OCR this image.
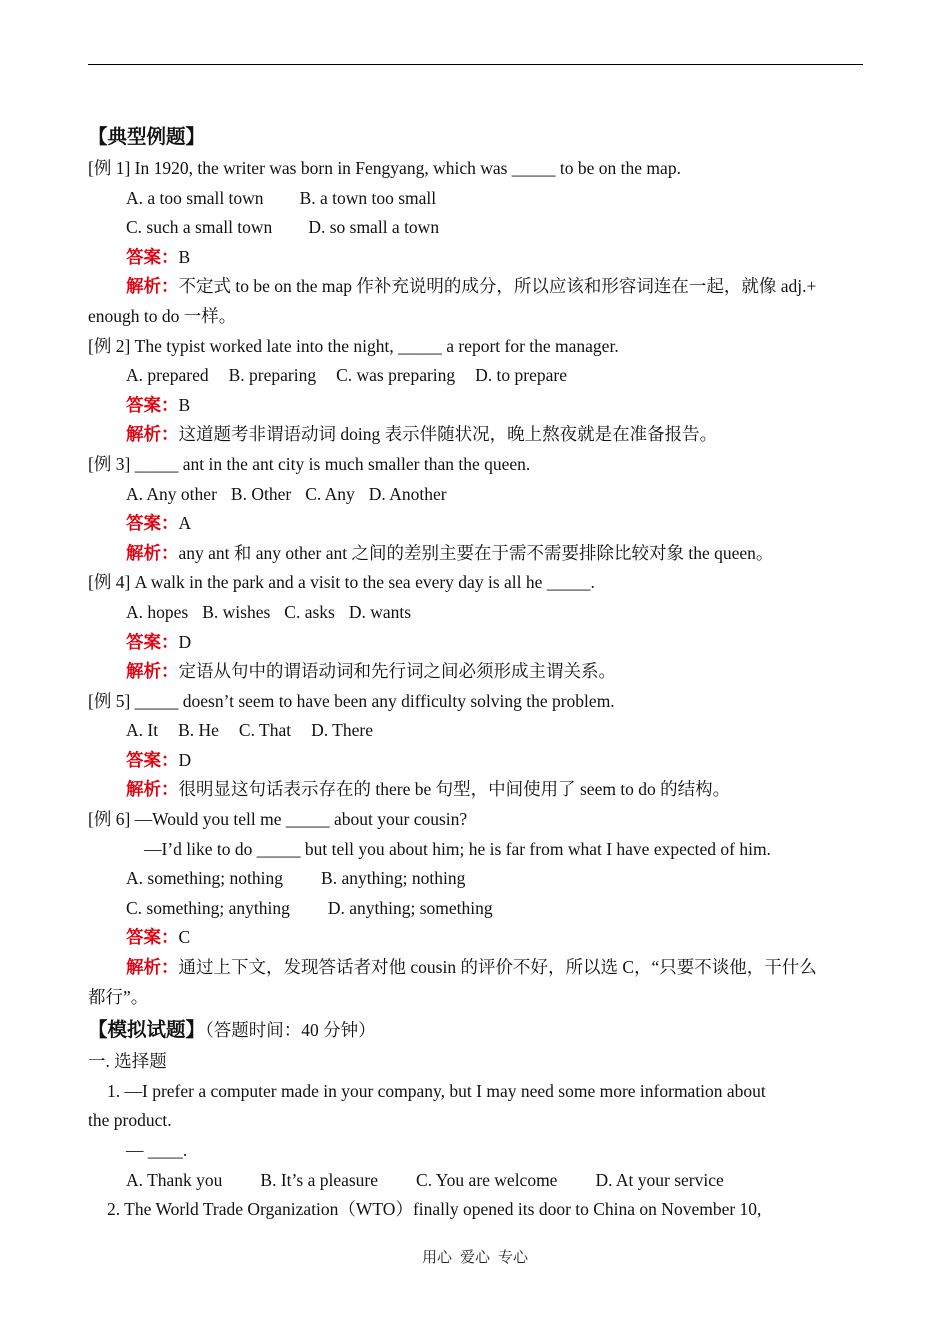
【典型例题】
[例 1] In 1920, the writer was born in Fengyang, which was _____ to be on the map.
A. a too small town B. a town too small
C. such a small town D. so small a town
答案：B
解析：不定式 to be on the map 作补充说明的成分，所以应该和形容词连在一起，就像 adj.+
enough to do 一样。
[例 2] The typist worked late into the night, _____ a report for the manager.
A. prepared B. preparing C. was preparing D. to prepare
答案：B
解析：这道题考非谓语动词 doing 表示伴随状况，晚上熬夜就是在准备报告。
[例 3] _____ ant in the ant city is much smaller than the queen.
A. Any other B. Other C. Any D. Another
答案：A
解析：any ant 和 any other ant 之间的差别主要在于需不需要排除比较对象 the queen。
[例 4] A walk in the park and a visit to the sea every day is all he _____.
A. hopes B. wishes C. asks D. wants
答案：D
解析：定语从句中的谓语动词和先行词之间必须形成主谓关系。
[例 5] _____ doesn’t seem to have been any difficulty solving the problem.
A. It B. He C. That D. There
答案：D
解析：很明显这句话表示存在的 there be 句型，中间使用了 seem to do 的结构。
[例 6] —Would you tell me _____ about your cousin?
—I’d like to do _____ but tell you about him; he is far from what I have expected of him.
A. something; nothing B. anything; nothing
C. something; anything D. anything; something
答案：C
解析：通过上下文，发现答话者对他 cousin 的评价不好，所以选 C，“只要不谈他，干什么
都行”。
【模拟试题】（答题时间：40 分钟）
一. 选择题
1. —I prefer a computer made in your company, but I may need some more information about
the product.
— ____.
A. Thank you B. It’s a pleasure C. You are welcome D. At your service
2. The World Trade Organization（WTO）finally opened its door to China on November 10,
用心 爱心 专心
